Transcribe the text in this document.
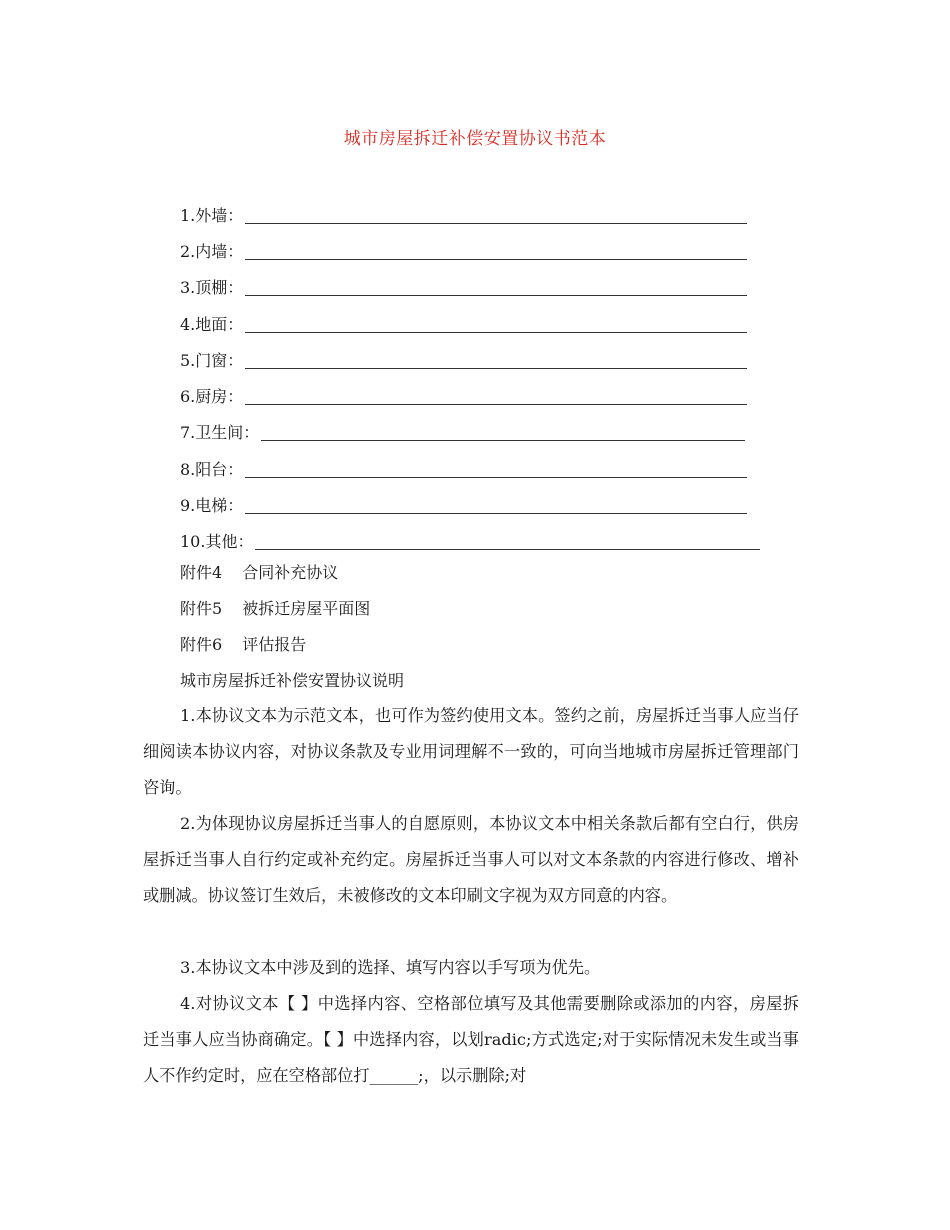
城市房屋拆迁补偿安置协议书范本
1.外墙：
2.内墙：
3.顶棚：
4.地面：
5.门窗：
6.厨房：
7.卫生间：
8.阳台：
9.电梯：
10.其他：
附件4 合同补充协议
附件5 被拆迁房屋平面图
附件6 评估报告
城市房屋拆迁补偿安置协议说明
1.本协议文本为示范文本，也可作为签约使用文本。签约之前，房屋拆迁当事人应当仔细阅读本协议内容，对协议条款及专业用词理解不一致的，可向当地城市房屋拆迁管理部门咨询。
2.为体现协议房屋拆迁当事人的自愿原则，本协议文本中相关条款后都有空白行，供房屋拆迁当事人自行约定或补充约定。房屋拆迁当事人可以对文本条款的内容进行修改、增补或删减。协议签订生效后，未被修改的文本印刷文字视为双方同意的内容。
3.本协议文本中涉及到的选择、填写内容以手写项为优先。
4.对协议文本【 】中选择内容、空格部位填写及其他需要删除或添加的内容，房屋拆迁当事人应当协商确定。【 】中选择内容，以划radic;方式选定;对于实际情况未发生或当事人不作约定时，应在空格部位打______;，以示删除;对
